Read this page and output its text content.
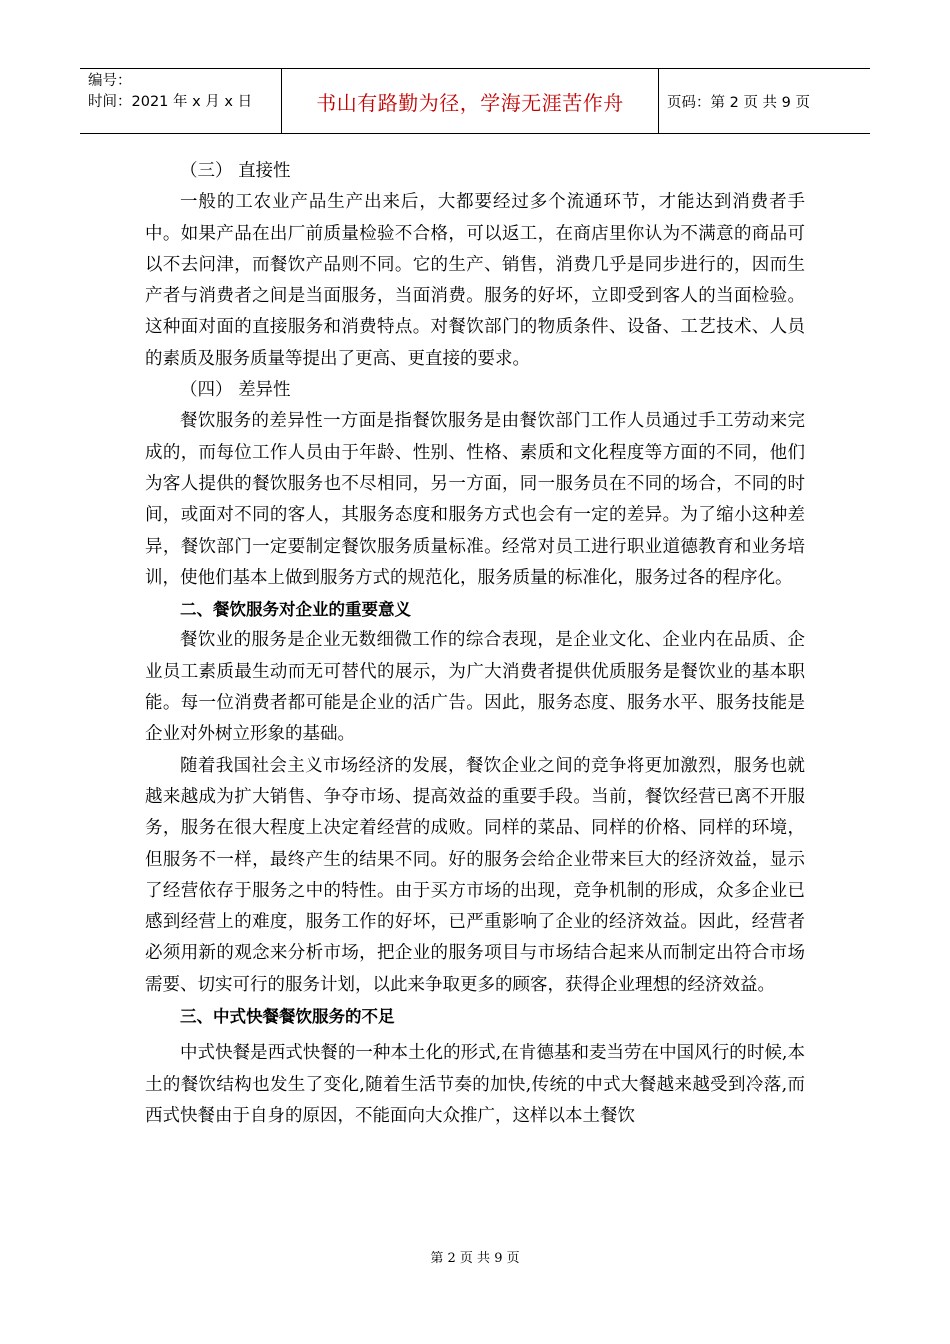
编号：
时间：2021 年 x 月 x 日	书山有路勤为径，学海无涯苦作舟	页码：第 2 页 共 9 页

（三） 直接性

一般的工农业产品生产出来后，大都要经过多个流通环节，才能达到消费者手中。如果产品在出厂前质量检验不合格，可以返工，在商店里你认为不满意的商品可以不去问津，而餐饮产品则不同。它的生产、销售，消费几乎是同步进行的，因而生产者与消费者之间是当面服务，当面消费。服务的好坏，立即受到客人的当面检验。这种面对面的直接服务和消费特点。对餐饮部门的物质条件、设备、工艺技术、人员的素质及服务质量等提出了更高、更直接的要求。

（四） 差异性

餐饮服务的差异性一方面是指餐饮服务是由餐饮部门工作人员通过手工劳动来完成的，而每位工作人员由于年龄、性别、性格、素质和文化程度等方面的不同，他们为客人提供的餐饮服务也不尽相同，另一方面，同一服务员在不同的场合，不同的时间，或面对不同的客人，其服务态度和服务方式也会有一定的差异。为了缩小这种差异，餐饮部门一定要制定餐饮服务质量标准。经常对员工进行职业道德教育和业务培训，使他们基本上做到服务方式的规范化，服务质量的标准化，服务过各的程序化。

二、餐饮服务对企业的重要意义

餐饮业的服务是企业无数细微工作的综合表现，是企业文化、企业内在品质、企业员工素质最生动而无可替代的展示，为广大消费者提供优质服务是餐饮业的基本职能。每一位消费者都可能是企业的活广告。因此，服务态度、服务水平、服务技能是企业对外树立形象的基础。

随着我国社会主义市场经济的发展，餐饮企业之间的竞争将更加激烈，服务也就越来越成为扩大销售、争夺市场、提高效益的重要手段。当前，餐饮经营已离不开服务，服务在很大程度上决定着经营的成败。同样的菜品、同样的价格、同样的环境，但服务不一样，最终产生的结果不同。好的服务会给企业带来巨大的经济效益，显示了经营依存于服务之中的特性。由于买方市场的出现，竞争机制的形成，众多企业已感到经营上的难度，服务工作的好坏，已严重影响了企业的经济效益。因此，经营者必须用新的观念来分析市场，把企业的服务项目与市场结合起来从而制定出符合市场需要、切实可行的服务计划，以此来争取更多的顾客，获得企业理想的经济效益。

三、中式快餐餐饮服务的不足

中式快餐是西式快餐的一种本土化的形式,在肯德基和麦当劳在中国风行的时候,本土的餐饮结构也发生了变化,随着生活节奏的加快,传统的中式大餐越来越受到冷落,而西式快餐由于自身的原因，不能面向大众推广，这样以本土餐饮

第 2 页 共 9 页
